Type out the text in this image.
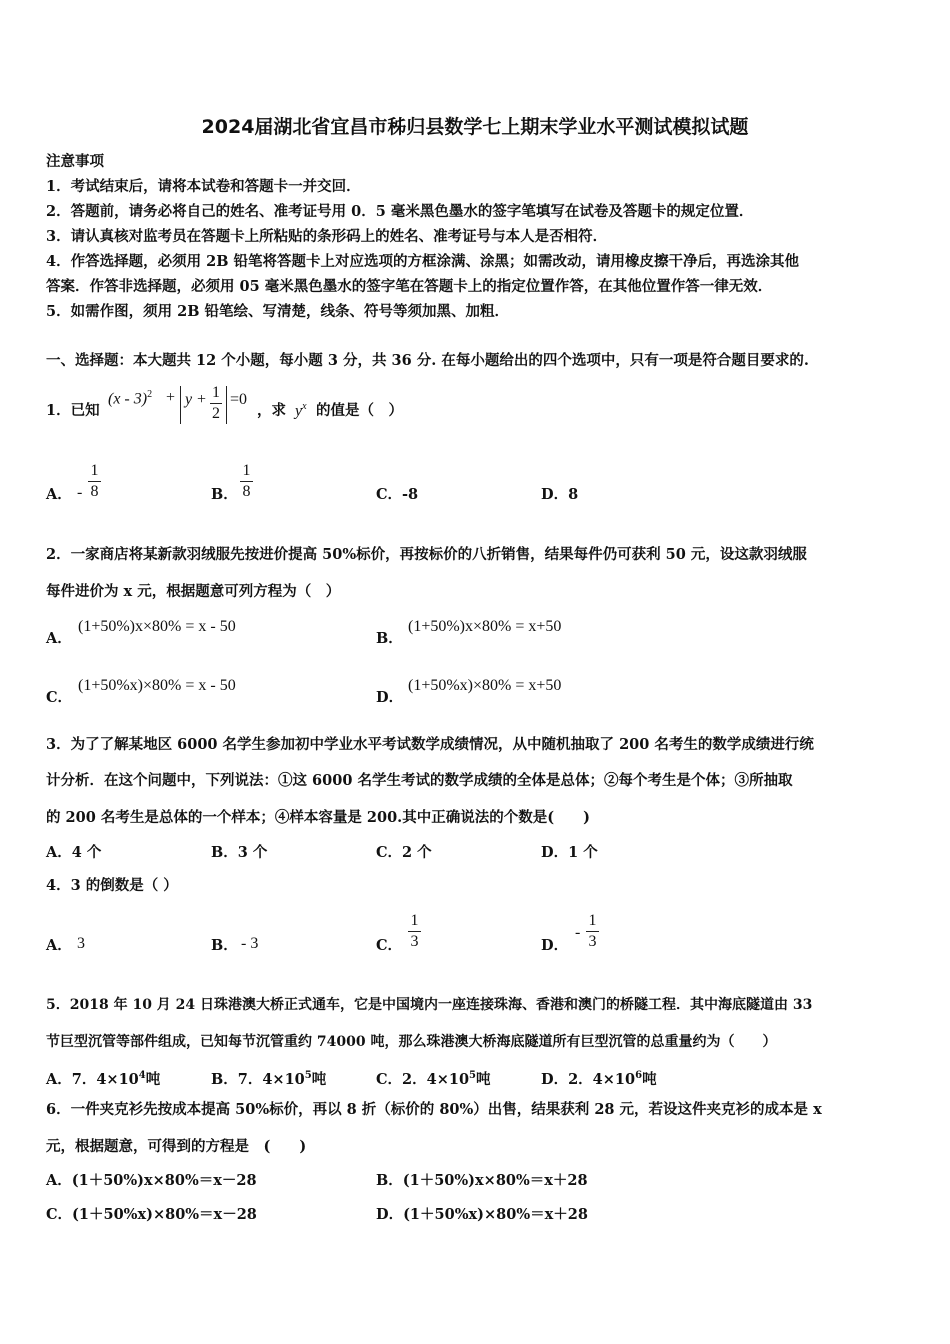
2024届湖北省宜昌市秭归县数学七上期末学业水平测试模拟试题
注意事项
1．考试结束后，请将本试卷和答题卡一并交回．
2．答题前，请务必将自己的姓名、准考证号用 0．5 毫米黑色墨水的签字笔填写在试卷及答题卡的规定位置．
3．请认真核对监考员在答题卡上所粘贴的条形码上的姓名、准考证号与本人是否相符．
4．作答选择题，必须用 2B 铅笔将答题卡上对应选项的方框涂满、涂黑；如需改动，请用橡皮擦干净后，再选涂其他
答案．作答非选择题，必须用 05 毫米黑色墨水的签字笔在答题卡上的指定位置作答，在其他位置作答一律无效．
5．如需作图，须用 2B 铅笔绘、写清楚，线条、符号等须加黑、加粗．
一、选择题：本大题共 12 个小题，每小题 3 分，共 36 分. 在每小题给出的四个选项中，只有一项是符合题目要求的.
1．已知
(x - 3)$^2$ + y + 1
2
=0
，求 $y^x$ 的值是（　）
A． -
1
8	B．
1
8	C．-8	D．8
2．一家商店将某新款羽绒服先按进价提高 50%标价，再按标价的八折销售，结果每件仍可获利 50 元，设这款羽绒服
每件进价为 x 元，根据题意可列方程为（　）
A．
(1+50%)x×80% = x - 50
B．
(1+50%)x×80% = x+50
C．
(1+50%x)×80% = x - 50
D．
(1+50%x)×80% = x+50
3．为了了解某地区 6000 名学生参加初中学业水平考试数学成绩情况，从中随机抽取了 200 名考生的数学成绩进行统
计分析．在这个问题中，下列说法：①这 6000 名学生考试的数学成绩的全体是总体；②每个考生是个体；③所抽取
的 200 名考生是总体的一个样本；④样本容量是 200.其中正确说法的个数是(　　)
A．4 个	B．3 个	C．2 个	D．1 个
4．3 的倒数是（ ）
A． 3	B． - 3	C．
1
3	D．
-
1
3
5．2018 年 10 月 24 日珠港澳大桥正式通车，它是中国境内一座连接珠海、香港和澳门的桥隧工程．其中海底隧道由 33
节巨型沉管等部件组成，已知每节沉管重约 74000 吨，那么珠港澳大桥海底隧道所有巨型沉管的总重量约为（　　）
A．7．$4\times 10^4$吨	B．7．$4\times 10^5$吨	C．2．$4\times 10^5$吨	D．2．$4\times 10^6$吨
6．一件夹克衫先按成本提高 50%标价，再以 8 折（标价的 80%）出售，结果获利 28 元，若设这件夹克衫的成本是 x
元，根据题意，可得到的方程是　(　　)
A．(1＋50%)x×80%＝x－28	B．(1＋50%)x×80%＝x＋28
C．(1＋50%x)×80%＝x－28	D．(1＋50%x)×80%＝x＋28
